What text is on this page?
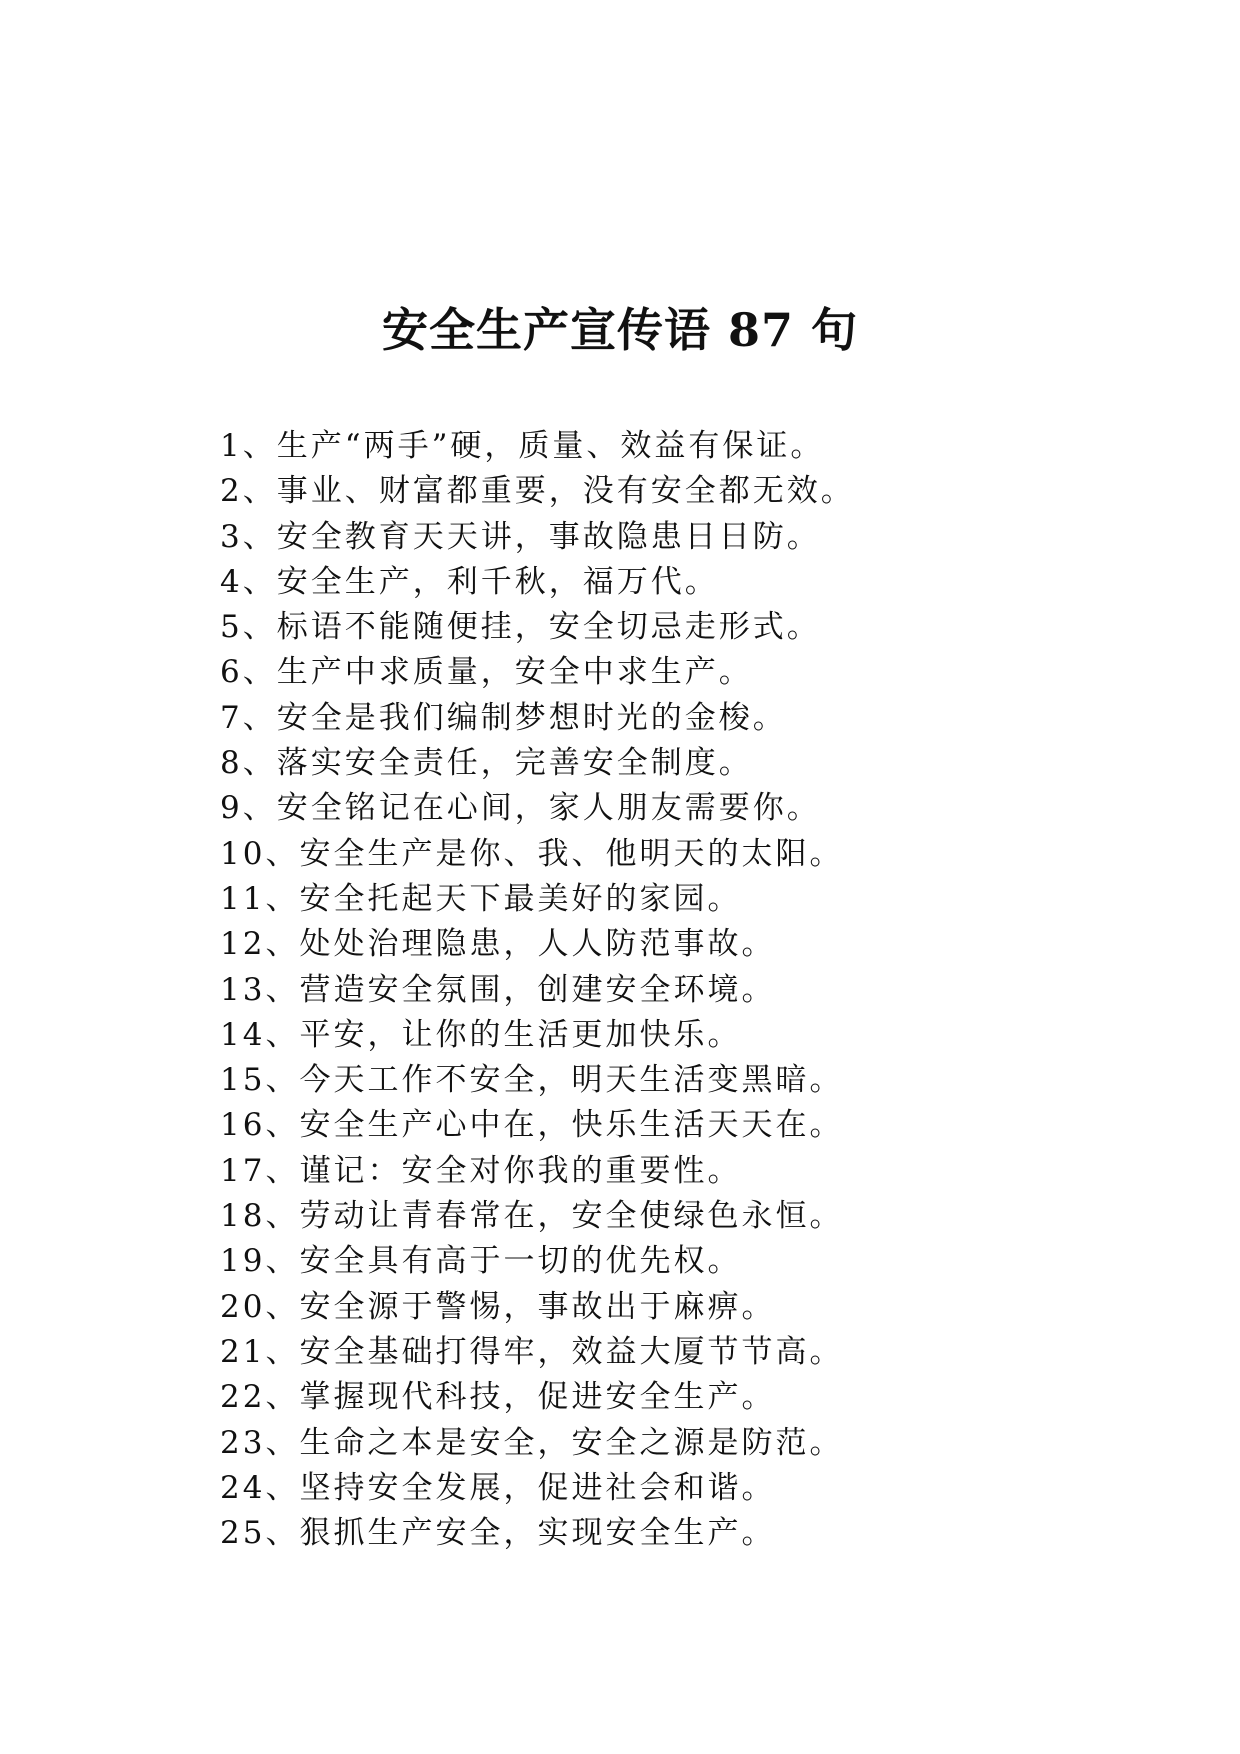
安全生产宣传语 87 句
1、生产“两手”硬，质量、效益有保证。
2、事业、财富都重要，没有安全都无效。
3、安全教育天天讲，事故隐患日日防。
4、安全生产，利千秋，福万代。
5、标语不能随便挂，安全切忌走形式。
6、生产中求质量，安全中求生产。
7、安全是我们编制梦想时光的金梭。
8、落实安全责任，完善安全制度。
9、安全铭记在心间，家人朋友需要你。
10、安全生产是你、我、他明天的太阳。
11、安全托起天下最美好的家园。
12、处处治理隐患，人人防范事故。
13、营造安全氛围，创建安全环境。
14、平安，让你的生活更加快乐。
15、今天工作不安全，明天生活变黑暗。
16、安全生产心中在，快乐生活天天在。
17、谨记：安全对你我的重要性。
18、劳动让青春常在，安全使绿色永恒。
19、安全具有高于一切的优先权。
20、安全源于警惕，事故出于麻痹。
21、安全基础打得牢，效益大厦节节高。
22、掌握现代科技，促进安全生产。
23、生命之本是安全，安全之源是防范。
24、坚持安全发展，促进社会和谐。
25、狠抓生产安全，实现安全生产。
